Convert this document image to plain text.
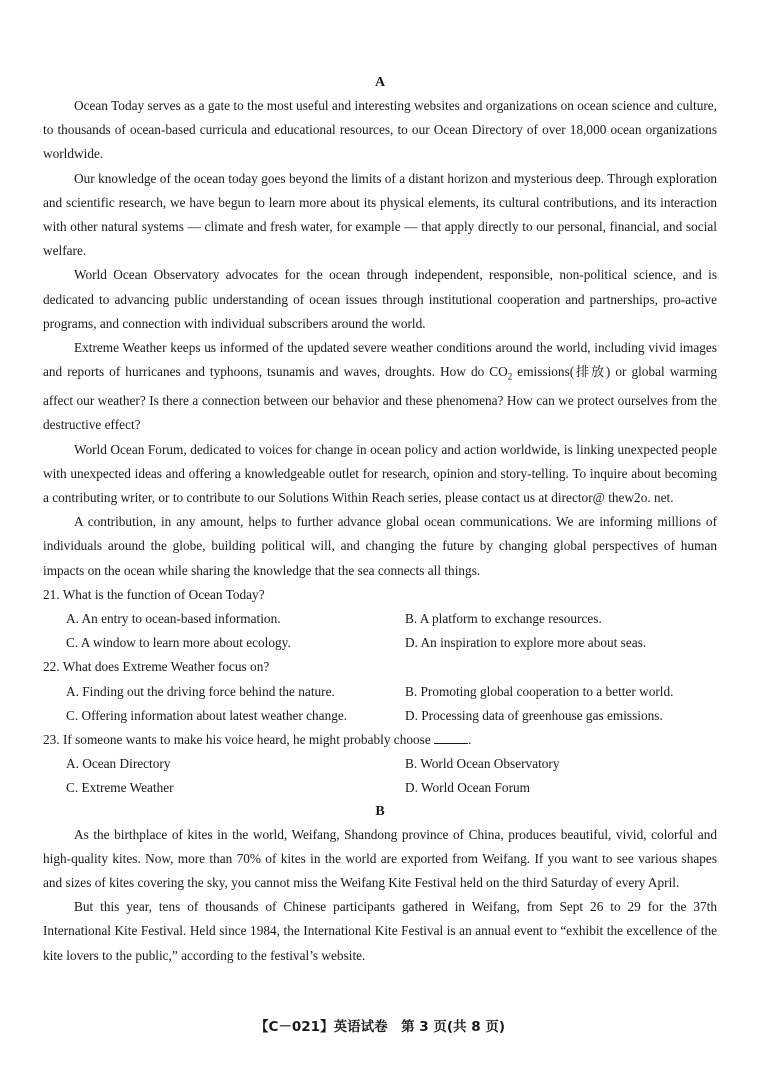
A

Ocean Today serves as a gate to the most useful and interesting websites and organizations on ocean science and culture, to thousands of ocean-based curricula and educational resources, to our Ocean Directory of over 18,000 ocean organizations worldwide.

Our knowledge of the ocean today goes beyond the limits of a distant horizon and mysterious deep. Through exploration and scientific research, we have begun to learn more about its physical elements, its cultural contributions, and its interaction with other natural systems — climate and fresh water, for example — that apply directly to our personal, financial, and social welfare.

World Ocean Observatory advocates for the ocean through independent, responsible, non-political science, and is dedicated to advancing public understanding of ocean issues through institutional cooperation and partnerships, pro-active programs, and connection with individual subscribers around the world.

Extreme Weather keeps us informed of the updated severe weather conditions around the world, including vivid images and reports of hurricanes and typhoons, tsunamis and waves, droughts. How do $CO_2$ emissions(排放) or global warming affect our weather? Is there a connection between our behavior and these phenomena? How can we protect ourselves from the destructive effect?

World Ocean Forum, dedicated to voices for change in ocean policy and action worldwide, is linking unexpected people with unexpected ideas and offering a knowledgeable outlet for research, opinion and story-telling. To inquire about becoming a contributing writer, or to contribute to our Solutions Within Reach series, please contact us at director@ thew2o. net.

A contribution, in any amount, helps to further advance global ocean communications. We are informing millions of individuals around the globe, building political will, and changing the future by changing global perspectives of human impacts on the ocean while sharing the knowledge that the sea connects all things.

21. What is the function of Ocean Today?

A. An entry to ocean-based information.	B. A platform to exchange resources.
C. A window to learn more about ecology.	D. An inspiration to explore more about seas.

22. What does Extreme Weather focus on?

A. Finding out the driving force behind the nature.	B. Promoting global cooperation to a better world.
C. Offering information about latest weather change.	D. Processing data of greenhouse gas emissions.

23. If someone wants to make his voice heard, he might probably choose	.

A. Ocean Directory	B. World Ocean Observatory
C. Extreme Weather	D. World Ocean Forum
B

As the birthplace of kites in the world, Weifang, Shandong province of China, produces beautiful, vivid, colorful and high-quality kites. Now, more than 70% of kites in the world are exported from Weifang. If you want to see various shapes and sizes of kites covering the sky, you cannot miss the Weifang Kite Festival held on the third Saturday of every April.

But this year, tens of thousands of Chinese participants gathered in Weifang, from Sept 26 to 29 for the 37th International Kite Festival. Held since 1984, the International Kite Festival is an annual event to “exhibit the excellence of the kite lovers to the public,” according to the festival’s website.

【C－021】英语试卷　第 3 页(共 8 页)
